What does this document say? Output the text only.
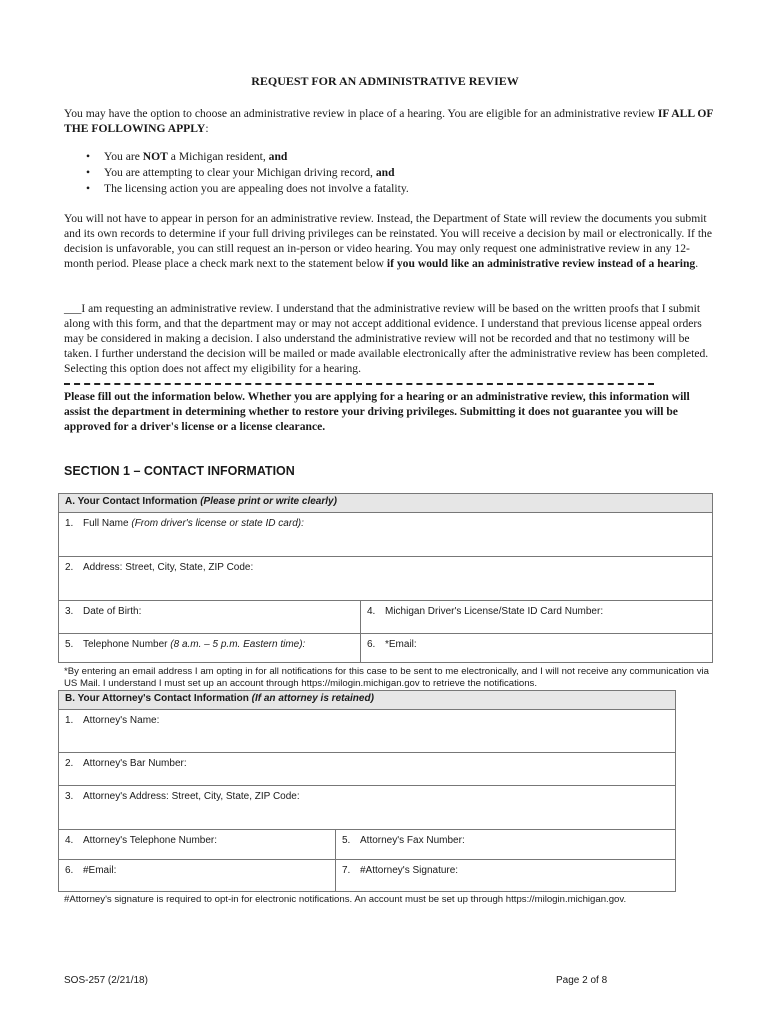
REQUEST FOR AN ADMINISTRATIVE REVIEW
You may have the option to choose an administrative review in place of a hearing. You are eligible for an administrative review IF ALL OF THE FOLLOWING APPLY:
• You are NOT a Michigan resident, and
• You are attempting to clear your Michigan driving record, and
• The licensing action you are appealing does not involve a fatality.
You will not have to appear in person for an administrative review. Instead, the Department of State will review the documents you submit and its own records to determine if your full driving privileges can be reinstated. You will receive a decision by mail or electronically. If the decision is unfavorable, you can still request an in-person or video hearing. You may only request one administrative review in any 12-month period. Please place a check mark next to the statement below if you would like an administrative review instead of a hearing.
___I am requesting an administrative review. I understand that the administrative review will be based on the written proofs that I submit along with this form, and that the department may or may not accept additional evidence. I understand that previous license appeal orders may be considered in making a decision. I also understand the administrative review will not be recorded and that no testimony will be taken. I further understand the decision will be mailed or made available electronically after the administrative review has been completed. Selecting this option does not affect my eligibility for a hearing.
Please fill out the information below. Whether you are applying for a hearing or an administrative review, this information will assist the department in determining whether to restore your driving privileges. Submitting it does not guarantee you will be approved for a driver's license or a license clearance.
SECTION 1 – CONTACT INFORMATION
A. Your Contact Information (Please print or write clearly)
1. Full Name (From driver's license or state ID card):
2. Address: Street, City, State, ZIP Code:
3. Date of Birth:	4. Michigan Driver's License/State ID Card Number:
5. Telephone Number (8 a.m. – 5 p.m. Eastern time):	6. *Email:
*By entering an email address I am opting in for all notifications for this case to be sent to me electronically, and I will not receive any communication via US Mail. I understand I must set up an account through https://milogin.michigan.gov to retrieve the notifications.
B. Your Attorney's Contact Information (If an attorney is retained)
1. Attorney's Name:
2. Attorney's Bar Number:
3. Attorney's Address: Street, City, State, ZIP Code:
4. Attorney's Telephone Number:	5. Attorney's Fax Number:
6. #Email:	7. #Attorney's Signature:
#Attorney's signature is required to opt-in for electronic notifications. An account must be set up through https://milogin.michigan.gov.
SOS-257 (2/21/18)	Page 2 of 8
